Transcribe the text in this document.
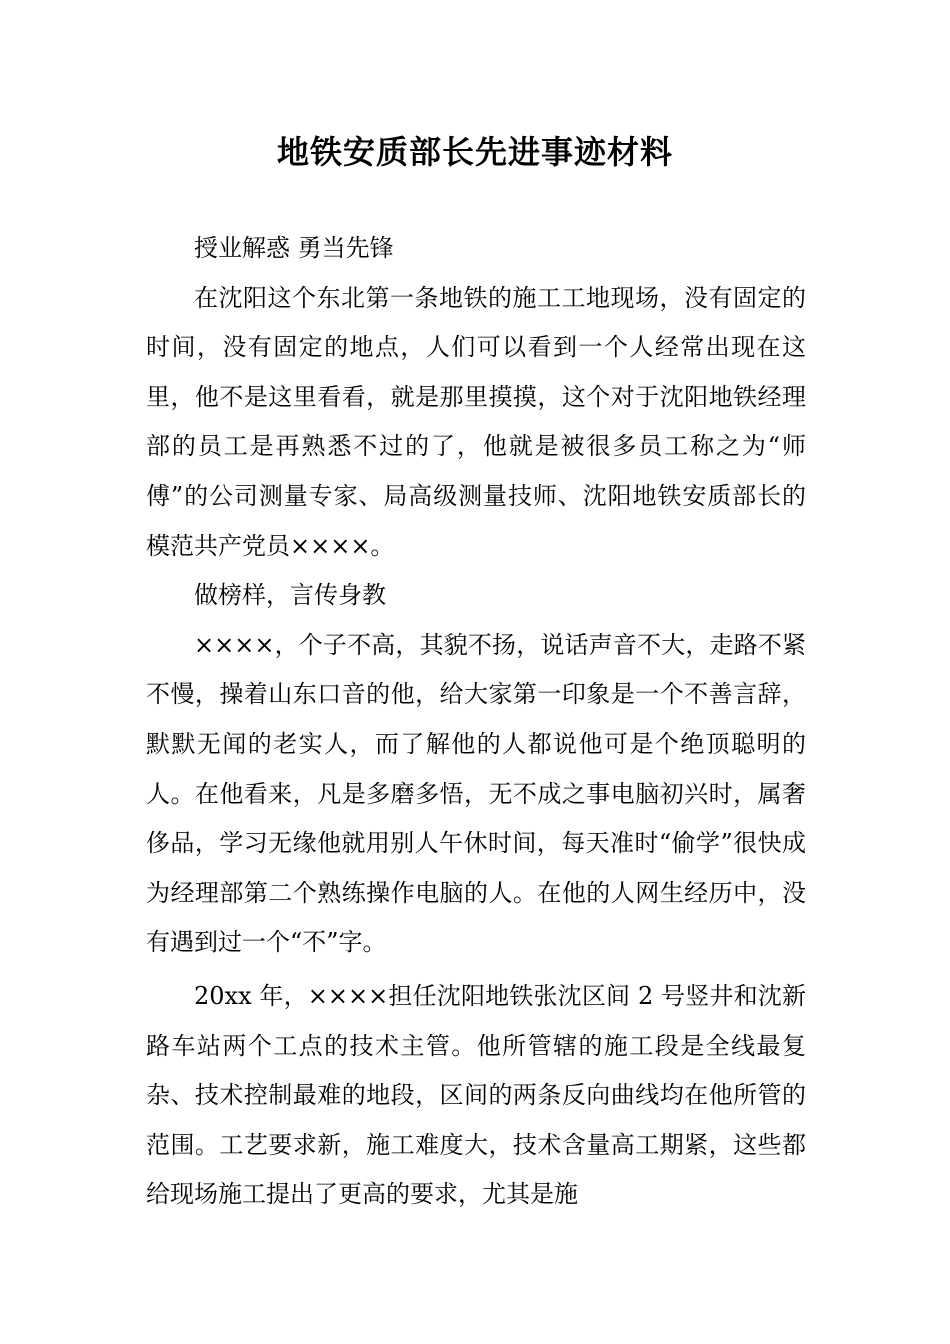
地铁安质部长先进事迹材料

授业解惑 勇当先锋

在沈阳这个东北第一条地铁的施工工地现场，没有固定的时间，没有固定的地点，人们可以看到一个人经常出现在这里，他不是这里看看，就是那里摸摸，这个对于沈阳地铁经理部的员工是再熟悉不过的了，他就是被很多员工称之为“师傅”的公司测量专家、局高级测量技师、沈阳地铁安质部长的模范共产党员××××。

做榜样，言传身教

××××，个子不高，其貌不扬，说话声音不大，走路不紧不慢，操着山东口音的他，给大家第一印象是一个不善言辞，默默无闻的老实人，而了解他的人都说他可是个绝顶聪明的人。在他看来，凡是多磨多悟，无不成之事电脑初兴时，属奢侈品，学习无缘他就用别人午休时间，每天准时“偷学”很快成为经理部第二个熟练操作电脑的人。在他的人网生经历中，没有遇到过一个“不”字。

20xx 年，××××担任沈阳地铁张沈区间 2 号竖井和沈新路车站两个工点的技术主管。他所管辖的施工段是全线最复杂、技术控制最难的地段，区间的两条反向曲线均在他所管的范围。工艺要求新，施工难度大，技术含量高工期紧，这些都给现场施工提出了更高的要求，尤其是施
